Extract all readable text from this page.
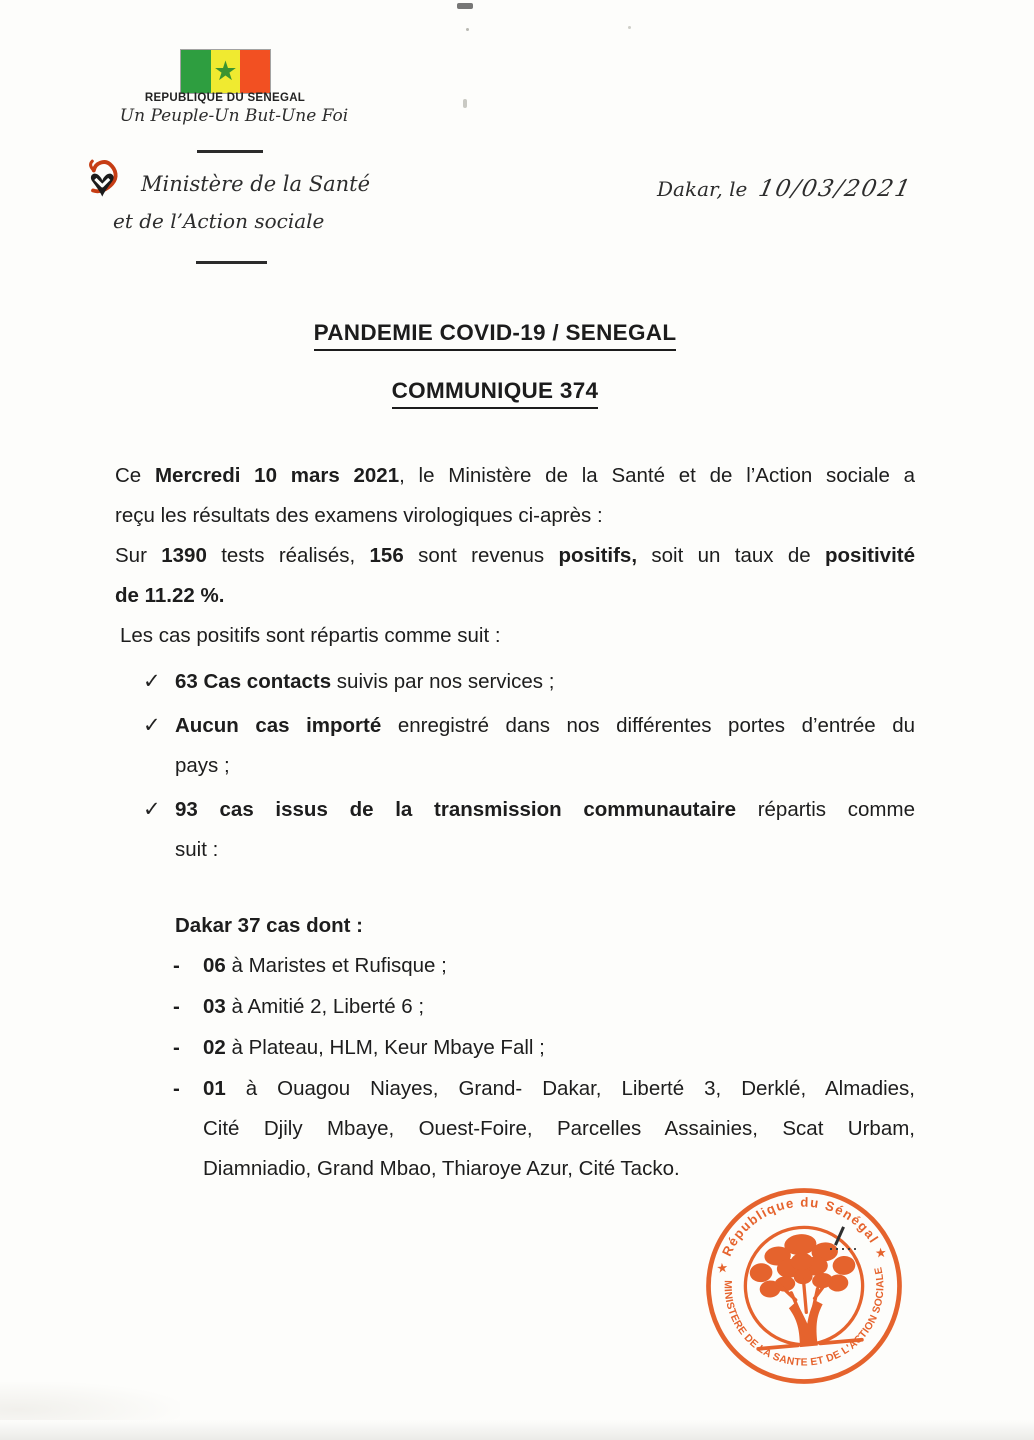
★
REPUBLIQUE DU SENEGAL
Un Peuple-Un But-Une Foi
Ministère de la Santé
et de l’Action sociale
Dakar, le 10/03/2021
PANDEMIE COVID-19 / SENEGAL
COMMUNIQUE 374
Ce Mercredi 10 mars 2021, le Ministère de la Santé et de l’Action sociale a
reçu les résultats des examens virologiques ci-après :
Sur 1390 tests réalisés, 156 sont revenus positifs, soit un taux de positivité
de 11.22 %.
Les cas positifs sont répartis comme suit :
✓ 63 Cas contacts suivis par nos services ;
✓ Aucun cas importé enregistré dans nos différentes portes d’entrée du
pays ;
✓ 93 cas issus de la transmission communautaire répartis comme
suit :
Dakar 37 cas dont :
- 06 à Maristes et Rufisque ;
- 03 à Amitié 2, Liberté 6 ;
- 02 à Plateau, HLM, Keur Mbaye Fall ;
- 01 à Ouagou Niayes, Grand- Dakar, Liberté 3, Derklé, Almadies,
Cité Djily Mbaye, Ouest-Foire, Parcelles Assainies, Scat Urbam,
Diamniadio, Grand Mbao, Thiaroye Azur, Cité Tacko.
★ République du Sénégal ★
MINISTERE DE LA SANTE ET DE L'ACTION SOCIALE
